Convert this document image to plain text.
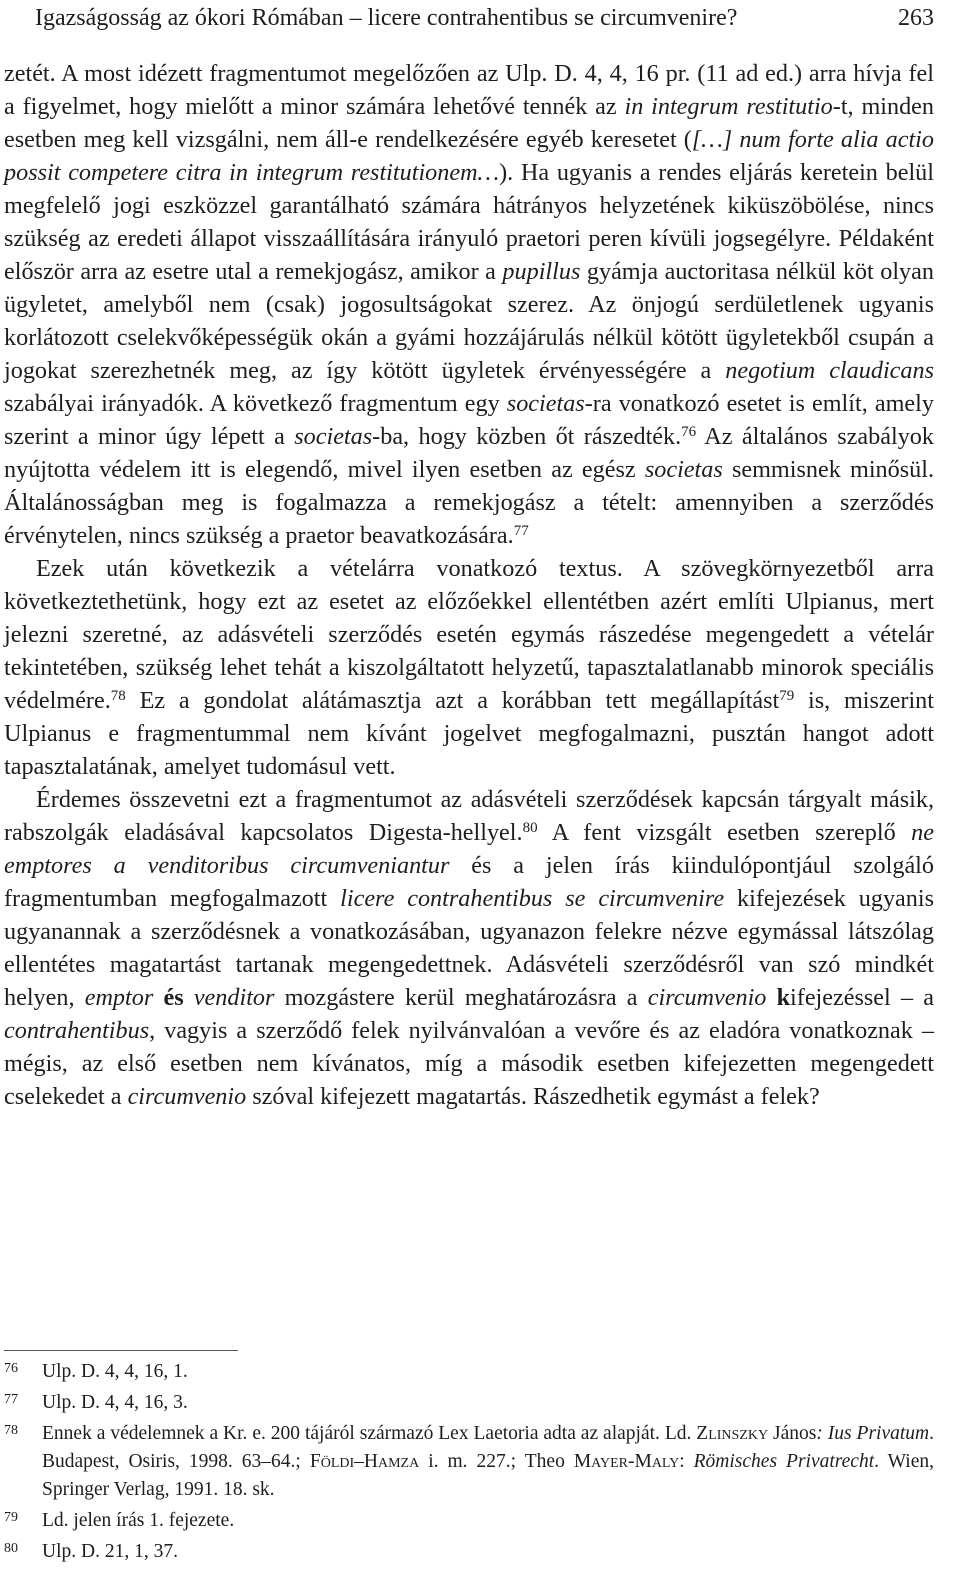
Igazságosság az ókori Rómában – licere contrahentibus se circumvenire?	263

zetét. A most idézett fragmentumot megelőzően az Ulp. D. 4, 4, 16 pr. (11 ad ed.) arra hívja fel a figyelmet, hogy mielőtt a minor számára lehetővé tennék az in integrum restitutio-t, minden esetben meg kell vizsgálni, nem áll-e rendelkezésére egyéb keresetet ([…] num forte alia actio possit competere citra in integrum restitutionem…). Ha ugyanis a rendes eljárás keretein belül megfelelő jogi eszközzel garantálható számára hátrányos helyzetének kiküszöbölése, nincs szükség az eredeti állapot visszaállítására irányuló praetori peren kívüli jogsegélyre. Példaként először arra az esetre utal a remekjogász, amikor a pupillus gyámja auctoritasa nélkül köt olyan ügyletet, amelyből nem (csak) jogosultságokat szerez. Az önjogú serdületlenek ugyanis korlátozott cselekvőképességük okán a gyámi hozzájárulás nélkül kötött ügyletekből csupán a jogokat szerezhetnék meg, az így kötött ügyletek érvényességére a negotium claudicans szabályai irányadók. A következő fragmentum egy societas-ra vonatkozó esetet is említ, amely szerint a minor úgy lépett a societas-ba, hogy közben őt rászedték.$^{76}$ Az általános szabályok nyújtotta védelem itt is elegendő, mivel ilyen esetben az egész societas semmisnek minősül. Általánosságban meg is fogalmazza a remekjogász a tételt: amennyiben a szerződés érvénytelen, nincs szükség a praetor beavatkozására.$^{77}$

Ezek után következik a vételárra vonatkozó textus. A szövegkörnyezetből arra következtethetünk, hogy ezt az esetet az előzőekkel ellentétben azért említi Ulpianus, mert jelezni szeretné, az adásvételi szerződés esetén egymás rászedése megengedett a vételár tekintetében, szükség lehet tehát a kiszolgáltatott helyzetű, tapasztalatlanabb minorok speciális védelmére.$^{78}$ Ez a gondolat alátámasztja azt a korábban tett megállapítást$^{79}$ is, miszerint Ulpianus e fragmentummal nem kívánt jogelvet megfogalmazni, pusztán hangot adott tapasztalatának, amelyet tudomásul vett.

Érdemes összevetni ezt a fragmentumot az adásvételi szerződések kapcsán tárgyalt másik, rabszolgák eladásával kapcsolatos Digesta-hellyel.$^{80}$ A fent vizsgált esetben szereplő ne emptores a venditoribus circumveniantur és a jelen írás kiindulópontjául szolgáló fragmentumban megfogalmazott licere contrahentibus se circumvenire kifejezések ugyanis ugyanannak a szerződésnek a vonatkozásában, ugyanazon felekre nézve egymással látszólag ellentétes magatartást tartanak megengedettnek. Adásvételi szerződésről van szó mindkét helyen, emptor és venditor mozgástere kerül meghatározásra a circumvenio kifejezéssel – a contrahentibus, vagyis a szerződő felek nyilvánvalóan a vevőre és az eladóra vonatkoznak – mégis, az első esetben nem kívánatos, míg a második esetben kifejezetten megengedett cselekedet a circumvenio szóval kifejezett magatartás. Rászedhetik egymást a felek?

76 Ulp. D. 4, 4, 16, 1.
77 Ulp. D. 4, 4, 16, 3.
78 Ennek a védelemnek a Kr. e. 200 tájáról származó Lex Laetoria adta az alapját. Ld. Zlinszky János: Ius Privatum. Budapest, Osiris, 1998. 63–64.; Földi–Hamza i. m. 227.; Theo Mayer-Maly: Römisches Privatrecht. Wien, Springer Verlag, 1991. 18. sk.
79 Ld. jelen írás 1. fejezete.
80 Ulp. D. 21, 1, 37.
